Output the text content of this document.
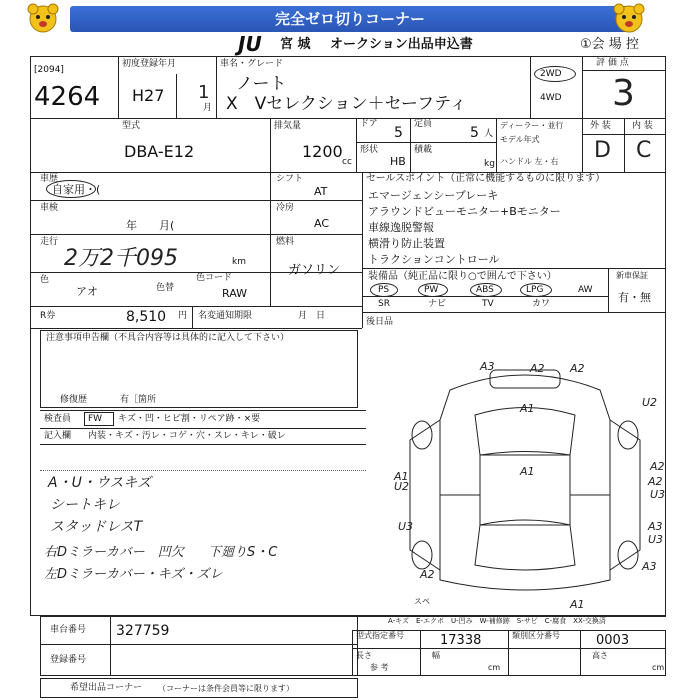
完全ゼロ切りコーナー
JU 宮 城 オークション出品申込書	①会 場 控
[2094]
4264
初度登録年月
H27 1
月
車名・グレード
ノート
X　Vセレクション＋セーフティ
2WD
4WD
評 価 点
3
型式
DBA-E12
排気量
1200
cc
ドア
5
定員
5 人
形状
HB
積載
kg
ディーラー・並行
モデル年式
ハンドル 左・右
外 装 内 装
D C
車歴
自家用・(
シフト
AT
車検
年　　月(
冷房
AC
走行
2万2千095	km
燃料
ガソリン
色
アオ	色替
色コード
RAW
R券	8,510 円 名変通知期限	月　日
セールスポイント（正常に機能するものに限ります）
エマージェンシーブレーキ
アラウンドビューモニター+Bモニター
車線逸脱警報
横滑り防止装置
トラクションコントロール
装備品（純正品に限り○で囲んで下さい）	新車保証
PS	PW	ABS	LPG	AW
SR	ナビ	TV	カワ	有・無
後日品
注意事項申告欄（不具合内容等は具体的に記入して下さい）
修復歴	有［箇所
検査員 FW キズ・凹・ヒビ割・リペア跡・×要
記入欄 内装・キズ・汚レ・コゲ・穴・スレ・キレ・破レ
A・U・ウスキズ
シートキレ
スタッドレスT
右Dミラーカバー　凹欠
左Dミラーカバー・キズ・ズレ
下廻りS・C
A3	A2 A2
A1	U2
A1	A1
U2
A2
A2
U3
U3	A3
U3
A2
A3
A1
スペ
A-キズ　E-エクボ　U-凹み　W-補修跡　S-サビ　C-腐食　XX-交換済
車台番号 327759
登録番号
型式指定番号	17338	類別区分番号	0003
長さ
参 考
幅
cm
高さ
cm
希望出品コーナー （コーナーは条件会員等に限ります）
